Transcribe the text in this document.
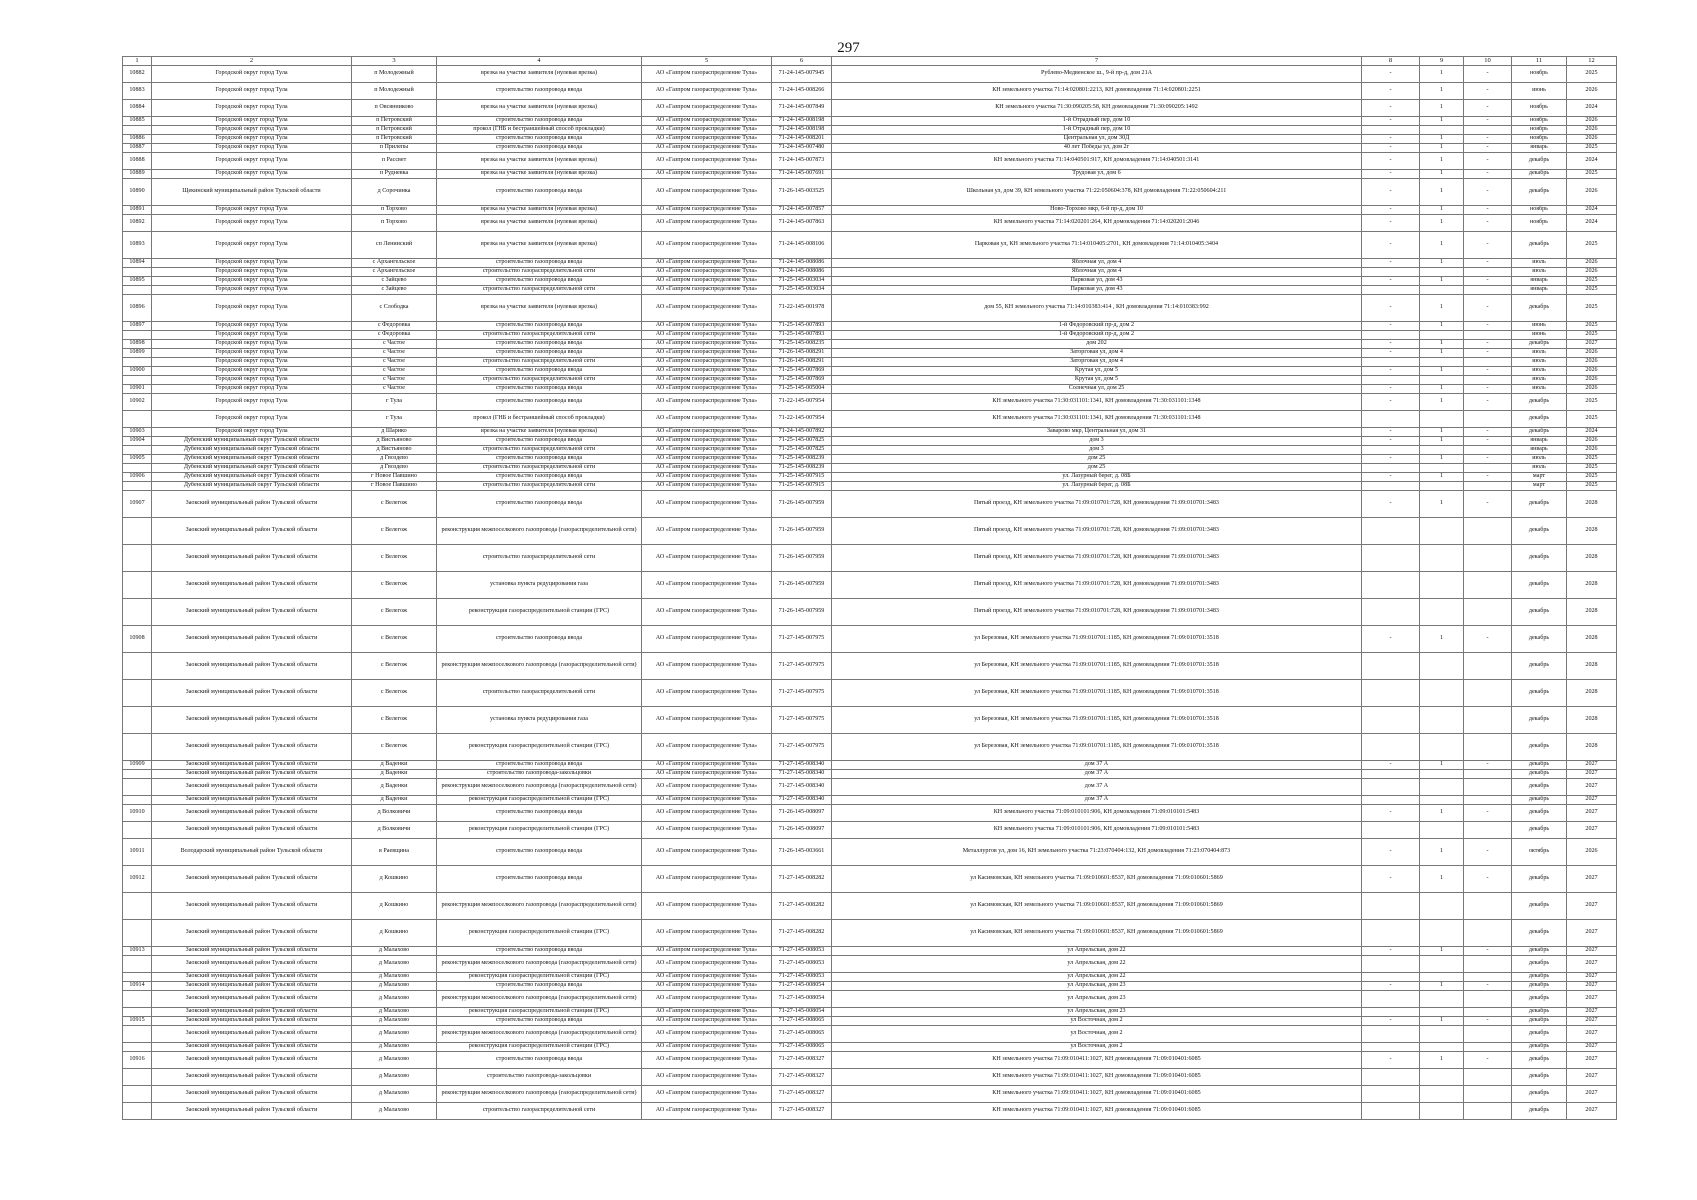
297
1	2	3	4	5	6	7	8	9	10	11	12
10882	Городской округ город Тула	п Молодежный	врезка на участке заявителя (нулевая врезка)	АО «Газпром газораспределение Тула»	71-24-145-007945	Рублево-Медвенское ш., 9-й пр-д, дом 21А	-	1	-	ноябрь	2025
10883	Городской округ город Тула	п Молодежный	строительство газопровода ввода	АО «Газпром газораспределение Тула»	71-24-145-008266	КН земельного участка 71:14:020801:2213, КН домовладения 71:14:020801:2251	-	1	-	июнь	2026
10884	Городской округ город Тула	п Овсянниково	врезка на участке заявителя (нулевая врезка)	АО «Газпром газораспределение Тула»	71-24-145-007849	КН земельного участка 71:30:090205:58, КН домовладения 71:30:090205:1492	-	1	-	ноябрь	2024
10885	Городской округ город Тула	п Петровский	строительство газопровода ввода	АО «Газпром газораспределение Тула»	71-24-145-008198	1-й Отрадный пер, дом 10	-	1	-	ноябрь	2026
	Городской округ город Тула	п Петровский	прокол (ГНБ и бестраншейный способ прокладки)	АО «Газпром газораспределение Тула»	71-24-145-008198	1-й Отрадный пер, дом 10				ноябрь	2026
10886	Городской округ город Тула	п Петровский	строительство газопровода ввода	АО «Газпром газораспределение Тула»	71-24-145-008201	Центральная ул, дом 30Д	-	1	-	ноябрь	2026
10887	Городской округ город Тула	п Прилепы	строительство газопровода ввода	АО «Газпром газораспределение Тула»	71-24-145-007480	40 лет Победы ул, дом 2г	-	1	-	январь	2025
10888	Городской округ город Тула	п Рассвет	врезка на участке заявителя (нулевая врезка)	АО «Газпром газораспределение Тула»	71-24-145-007873	КН земельного участка 71:14:040501:917, КН домовладения 71:14:040501:3141	-	1	-	декабрь	2024
10889	Городской округ город Тула	п Рудневка	врезка на участке заявителя (нулевая врезка)	АО «Газпром газораспределение Тула»	71-24-145-007691	Трудовая ул, дом 6	-	1	-	декабрь	2025
10890	Щекинский муниципальный район Тульской области	д Сорочинка	строительство газопровода ввода	АО «Газпром газораспределение Тула»	71-26-145-003525	Школьная ул, дом 39, КН земельного участка 71:22:050604:378, КН домовладения 71:22:050604:211	-	1	-	декабрь	2026
10891	Городской округ город Тула	п Торхово	врезка на участке заявителя (нулевая врезка)	АО «Газпром газораспределение Тула»	71-24-145-007857	Ново-Торхово мкр, 6-й пр-д, дом 10	-	1	-	ноябрь	2024
10892	Городской округ город Тула	п Торхово	врезка на участке заявителя (нулевая врезка)	АО «Газпром газораспределение Тула»	71-24-145-007863	КН земельного участка 71:14:020201:264, КН домовладения 71:14:020201:2046	-	1	-	ноябрь	2024
10893	Городской округ город Тула	сп Ленинский	врезка на участке заявителя (нулевая врезка)	АО «Газпром газораспределение Тула»	71-24-145-008106	Парковая ул, КН земельного участка 71:14:010405:2701, КН домовладения 71:14:010405:3404	-	1	-	декабрь	2025
10894	Городской округ город Тула	с Архангельское	строительство газопровода ввода	АО «Газпром газораспределение Тула»	71-24-145-008086	Яблочная ул, дом 4	-	1	-	июль	2026
	Городской округ город Тула	с Архангельское	строительство газораспределительной сети	АО «Газпром газораспределение Тула»	71-24-145-008086	Яблочная ул, дом 4				июль	2026
10895	Городской округ город Тула	с Зайцево	строительство газопровода ввода	АО «Газпром газораспределение Тула»	71-25-145-003034	Парковая ул, дом 43	-	1	-	январь	2025
	Городской округ город Тула	с Зайцево	строительство газораспределительной сети	АО «Газпром газораспределение Тула»	71-25-145-003034	Парковая ул, дом 43				январь	2025
10896	Городской округ город Тула	с Слободка	врезка на участке заявителя (нулевая врезка)	АО «Газпром газораспределение Тула»	71-22-145-001978	дом 55, КН земельного участка 71:14:010383:414 , КН домовладения 71:14:010383:992	-	1	-	декабрь	2025
10897	Городской округ город Тула	с Федоровка	строительство газопровода ввода	АО «Газпром газораспределение Тула»	71-25-145-007893	1-й Федоровский пр-д, дом 2	-	1	-	июнь	2025
	Городской округ город Тула	с Федоровка	строительство газораспределительной сети	АО «Газпром газораспределение Тула»	71-25-145-007893	1-й Федоровский пр-д, дом 2				июнь	2025
10898	Городской округ город Тула	с Частое	строительство газопровода ввода	АО «Газпром газораспределение Тула»	71-25-145-008235	дом 202	-	1	-	декабрь	2027
10899	Городской округ город Тула	с Частое	строительство газопровода ввода	АО «Газпром газораспределение Тула»	71-26-145-008291	Заторговая ул, дом 4	-	1	-	июль	2026
	Городской округ город Тула	с Частое	строительство газораспределительной сети	АО «Газпром газораспределение Тула»	71-26-145-008291	Заторговая ул, дом 4				июль	2026
10900	Городской округ город Тула	с Частое	строительство газопровода ввода	АО «Газпром газораспределение Тула»	71-25-145-007869	Крутая ул, дом 5	-	1	-	июль	2026
	Городской округ город Тула	с Частое	строительство газораспределительной сети	АО «Газпром газораспределение Тула»	71-25-145-007869	Крутая ул, дом 5				июль	2026
10901	Городской округ город Тула	с Частое	строительство газопровода ввода	АО «Газпром газораспределение Тула»	71-25-145-005004	Солнечная ул, дом 25	-	1	-	июль	2026
10902	Городской округ город Тула	г Тула	строительство газопровода ввода	АО «Газпром газораспределение Тула»	71-22-145-007954	КН земельного участка 71:30:031101:1341, КН домовладения 71:30:031101:1348	-	1	-	декабрь	2025
	Городской округ город Тула	г Тула	прокол (ГНБ и бестраншейный способ прокладки)	АО «Газпром газораспределение Тула»	71-22-145-007954	КН земельного участка 71:30:031101:1341, КН домовладения 71:30:031101:1348				декабрь	2025
10903	Городской округ город Тула	д Шарико	врезка на участке заявителя (нулевая врезка)	АО «Газпром газораспределение Тула»	71-24-145-007892	Заварово мкр, Центральная ул, дом 31	-	1	-	декабрь	2024
10904	Дубенский муниципальный округ Тульской области	д Вистьяново	строительство газопровода ввода	АО «Газпром газораспределение Тула»	71-25-145-007825	дом 3	-	1	-	январь	2026
	Дубенский муниципальный округ Тульской области	д Вистьяново	строительство газораспределительной сети	АО «Газпром газораспределение Тула»	71-25-145-007825	дом 3				январь	2026
10905	Дубенский муниципальный округ Тульской области	д Гвоздево	строительство газопровода ввода	АО «Газпром газораспределение Тула»	71-25-145-008239	дом 25	-	1	-	июль	2025
	Дубенский муниципальный округ Тульской области	д Гвоздево	строительство газораспределительной сети	АО «Газпром газораспределение Тула»	71-25-145-008239	дом 25				июль	2025
10906	Дубенский муниципальный округ Тульской области	г Новое Павшино	строительство газопровода ввода	АО «Газпром газораспределение Тула»	71-25-145-007915	ул. Лазурный берег, д. 08Б	-	1	-	март	2025
	Дубенский муниципальный округ Тульской области	г Новое Павшино	строительство газораспределительной сети	АО «Газпром газораспределение Тула»	71-25-145-007915	ул. Лазурный берег, д. 08Б				март	2025
10907	Заокский муниципальный район Тульской области	с Велегож	строительство газопровода ввода	АО «Газпром газораспределение Тула»	71-26-145-007959	Пятый проезд, КН земельного участка 71:09:010701:728, КН домовладения 71:09:010701:3483	-	1	-	декабрь	2028
	Заокский муниципальный район Тульской области	с Велегож	реконструкция межпоселкового газопровода (газораспределительной сети)	АО «Газпром газораспределение Тула»	71-26-145-007959	Пятый проезд, КН земельного участка 71:09:010701:728, КН домовладения 71:09:010701:3483				декабрь	2028
	Заокский муниципальный район Тульской области	с Велегож	строительство газораспределительной сети	АО «Газпром газораспределение Тула»	71-26-145-007959	Пятый проезд, КН земельного участка 71:09:010701:728, КН домовладения 71:09:010701:3483				декабрь	2028
	Заокский муниципальный район Тульской области	с Велегож	установка пункта редуцирования газа	АО «Газпром газораспределение Тула»	71-26-145-007959	Пятый проезд, КН земельного участка 71:09:010701:728, КН домовладения 71:09:010701:3483				декабрь	2028
	Заокский муниципальный район Тульской области	с Велегож	реконструкция газораспределительной станции (ГРС)	АО «Газпром газораспределение Тула»	71-26-145-007959	Пятый проезд, КН земельного участка 71:09:010701:728, КН домовладения 71:09:010701:3483				декабрь	2028
10908	Заокский муниципальный район Тульской области	с Велегож	строительство газопровода ввода	АО «Газпром газораспределение Тула»	71-27-145-007975	ул Березовая, КН земельного участка 71:09:010701:1185, КН домовладения 71:09:010701:3518	-	1	-	декабрь	2028
	Заокский муниципальный район Тульской области	с Велегож	реконструкция межпоселкового газопровода (газораспределительной сети)	АО «Газпром газораспределение Тула»	71-27-145-007975	ул Березовая, КН земельного участка 71:09:010701:1185, КН домовладения 71:09:010701:3518				декабрь	2028
	Заокский муниципальный район Тульской области	с Велегож	строительство газораспределительной сети	АО «Газпром газораспределение Тула»	71-27-145-007975	ул Березовая, КН земельного участка 71:09:010701:1185, КН домовладения 71:09:010701:3518				декабрь	2028
	Заокский муниципальный район Тульской области	с Велегож	установка пункта редуцирования газа	АО «Газпром газораспределение Тула»	71-27-145-007975	ул Березовая, КН земельного участка 71:09:010701:1185, КН домовладения 71:09:010701:3518				декабрь	2028
	Заокский муниципальный район Тульской области	с Велегож	реконструкция газораспределительной станции (ГРС)	АО «Газпром газораспределение Тула»	71-27-145-007975	ул Березовая, КН земельного участка 71:09:010701:1185, КН домовладения 71:09:010701:3518				декабрь	2028
10909	Заокский муниципальный район Тульской области	д Ваденки	строительство газопровода ввода	АО «Газпром газораспределение Тула»	71-27-145-008340	дом 37 А	-	1	-	декабрь	2027
	Заокский муниципальный район Тульской области	д Ваденки	строительство газопровода-закольцовки	АО «Газпром газораспределение Тула»	71-27-145-008340	дом 37 А				декабрь	2027
	Заокский муниципальный район Тульской области	д Ваденки	реконструкция межпоселкового газопровода (газораспределительной сети)	АО «Газпром газораспределение Тула»	71-27-145-008340	дом 37 А				декабрь	2027
	Заокский муниципальный район Тульской области	д Ваденки	реконструкция газораспределительной станции (ГРС)	АО «Газпром газораспределение Тула»	71-27-145-008340	дом 37 А				декабрь	2027
10910	Заокский муниципальный район Тульской области	д Волковичи	строительство газопровода ввода	АО «Газпром газораспределение Тула»	71-26-145-008097	КН земельного участка 71:09:010101:906, КН домовладения 71:09:010101:5483	-	1	-	декабрь	2027
	Заокский муниципальный район Тульской области	д Волковичи	реконструкция газораспределительной станции (ГРС)	АО «Газпром газораспределение Тула»	71-26-145-008097	КН земельного участка 71:09:010101:906, КН домовладения 71:09:010101:5483				декабрь	2027
10911	Володарский муниципальный район Тульской области	в Раевщина	строительство газопровода ввода	АО «Газпром газораспределение Тула»	71-26-145-003661	Металлургов ул, дом 16, КН земельного участка 71:23:070404:132, КН домовладения 71:23:070404:873	-	1	-	октябрь	2026
10912	Заокский муниципальный район Тульской области	д Кошкино	строительство газопровода ввода	АО «Газпром газораспределение Тула»	71-27-145-008282	ул Касимовская, КН земельного участка 71:09:010601:8537, КН домовладения 71:09:010601:5869	-	1	-	декабрь	2027
	Заокский муниципальный район Тульской области	д Кошкино	реконструкция межпоселкового газопровода (газораспределительной сети)	АО «Газпром газораспределение Тула»	71-27-145-008282	ул Касимовская, КН земельного участка 71:09:010601:8537, КН домовладения 71:09:010601:5869				декабрь	2027
	Заокский муниципальный район Тульской области	д Кошкино	реконструкция газораспределительной станции (ГРС)	АО «Газпром газораспределение Тула»	71-27-145-008282	ул Касимовская, КН земельного участка 71:09:010601:8537, КН домовладения 71:09:010601:5869				декабрь	2027
10913	Заокский муниципальный район Тульской области	д Малахово	строительство газопровода ввода	АО «Газпром газораспределение Тула»	71-27-145-008053	ул Апрельская, дом 22	-	1	-	декабрь	2027
	Заокский муниципальный район Тульской области	д Малахово	реконструкция межпоселкового газопровода (газораспределительной сети)	АО «Газпром газораспределение Тула»	71-27-145-008053	ул Апрельская, дом 22				декабрь	2027
	Заокский муниципальный район Тульской области	д Малахово	реконструкция газораспределительной станции (ГРС)	АО «Газпром газораспределение Тула»	71-27-145-008053	ул Апрельская, дом 22				декабрь	2027
10914	Заокский муниципальный район Тульской области	д Малахово	строительство газопровода ввода	АО «Газпром газораспределение Тула»	71-27-145-008054	ул Апрельская, дом 23	-	1	-	декабрь	2027
	Заокский муниципальный район Тульской области	д Малахово	реконструкция межпоселкового газопровода (газораспределительной сети)	АО «Газпром газораспределение Тула»	71-27-145-008054	ул Апрельская, дом 23				декабрь	2027
	Заокский муниципальный район Тульской области	д Малахово	реконструкция газораспределительной станции (ГРС)	АО «Газпром газораспределение Тула»	71-27-145-008054	ул Апрельская, дом 23				декабрь	2027
10915	Заокский муниципальный район Тульской области	д Малахово	строительство газопровода ввода	АО «Газпром газораспределение Тула»	71-27-145-008065	ул Восточная, дом 2	-	1	-	декабрь	2027
	Заокский муниципальный район Тульской области	д Малахово	реконструкция межпоселкового газопровода (газораспределительной сети)	АО «Газпром газораспределение Тула»	71-27-145-008065	ул Восточная, дом 2				декабрь	2027
	Заокский муниципальный район Тульской области	д Малахово	реконструкция газораспределительной станции (ГРС)	АО «Газпром газораспределение Тула»	71-27-145-008065	ул Восточная, дом 2				декабрь	2027
10916	Заокский муниципальный район Тульской области	д Малахово	строительство газопровода ввода	АО «Газпром газораспределение Тула»	71-27-145-008327	КН земельного участка 71:09:010411:1027, КН домовладения 71:09:010401:6085	-	1	-	декабрь	2027
	Заокский муниципальный район Тульской области	д Малахово	строительство газопровода-закольцовки	АО «Газпром газораспределение Тула»	71-27-145-008327	КН земельного участка 71:09:010411:1027, КН домовладения 71:09:010401:6085				декабрь	2027
	Заокский муниципальный район Тульской области	д Малахово	реконструкция межпоселкового газопровода (газораспределительной сети)	АО «Газпром газораспределение Тула»	71-27-145-008327	КН земельного участка 71:09:010411:1027, КН домовладения 71:09:010401:6085				декабрь	2027
	Заокский муниципальный район Тульской области	д Малахово	строительство газораспределительной сети	АО «Газпром газораспределение Тула»	71-27-145-008327	КН земельного участка 71:09:010411:1027, КН домовладения 71:09:010401:6085				декабрь	2027
